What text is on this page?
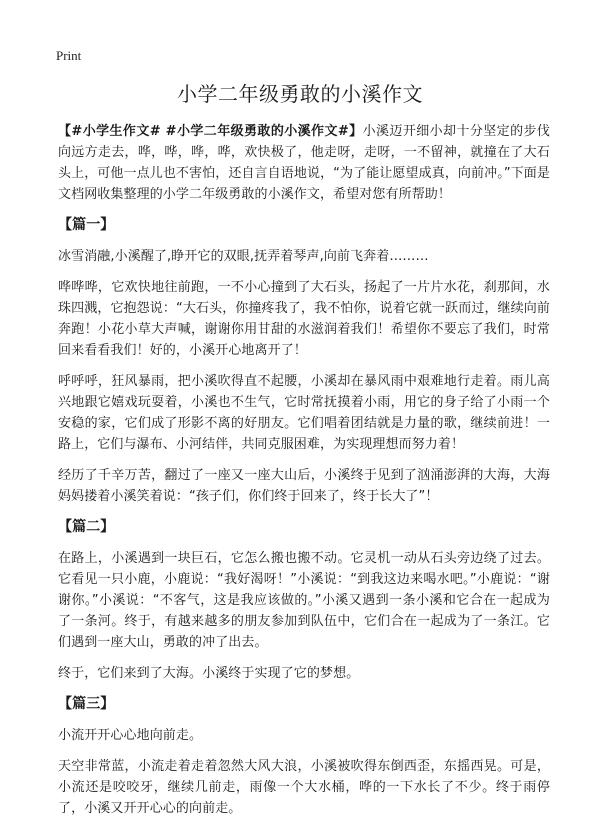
Print
小学二年级勇敢的小溪作文

【#小学生作文# #小学二年级勇敢的小溪作文#】小溪迈开细小却十分坚定的步伐向远方走去，哗，哗，哗，哗，欢快极了，他走呀，走呀，一不留神，就撞在了大石头上，可他一点儿也不害怕，还自言自语地说，“为了能让愿望成真，向前冲。”下面是文档网收集整理的小学二年级勇敢的小溪作文，希望对您有所帮助！

【篇一】

冰雪消融,小溪醒了,睁开它的双眼,抚弄着琴声,向前飞奔着………

哗哗哗，它欢快地往前跑，一不小心撞到了大石头，扬起了一片片水花，刹那间，水珠四溅，它抱怨说：“大石头，你撞疼我了，我不怕你，说着它就一跃而过，继续向前奔跑！小花小草大声喊，谢谢你用甘甜的水滋润着我们！希望你不要忘了我们，时常回来看看我们！好的，小溪开心地离开了！

呼呼呼，狂风暴雨，把小溪吹得直不起腰，小溪却在暴风雨中艰难地行走着。雨儿高兴地跟它嬉戏玩耍着，小溪也不生气，它时常抚摸着小雨，用它的身子给了小雨一个安稳的家，它们成了形影不离的好朋友。它们唱着团结就是力量的歌，继续前进！一路上，它们与瀑布、小河结伴，共同克服困难，为实现理想而努力着！

经历了千辛万苦，翻过了一座又一座大山后，小溪终于见到了汹涌澎湃的大海，大海妈妈搂着小溪笑着说：“孩子们，你们终于回来了，终于长大了”！

【篇二】

在路上，小溪遇到一块巨石，它怎么搬也搬不动。它灵机一动从石头旁边绕了过去。它看见一只小鹿，小鹿说：“我好渴呀！”小溪说：“到我这边来喝水吧。”小鹿说：“谢谢你。”小溪说：“不客气，这是我应该做的。”小溪又遇到一条小溪和它合在一起成为了一条河。终于，有越来越多的朋友参加到队伍中，它们合在一起成为了一条江。它们遇到一座大山，勇敢的冲了出去。

终于，它们来到了大海。小溪终于实现了它的梦想。

【篇三】

小流开开心心地向前走。

天空非常蓝，小流走着走着忽然大风大浪，小溪被吹得东倒西歪，东摇西晃。可是，小流还是咬咬牙，继续几前走，雨像一个大水桶，哗的一下水长了不少。终于雨停了，小溪又开开心心的向前走。
